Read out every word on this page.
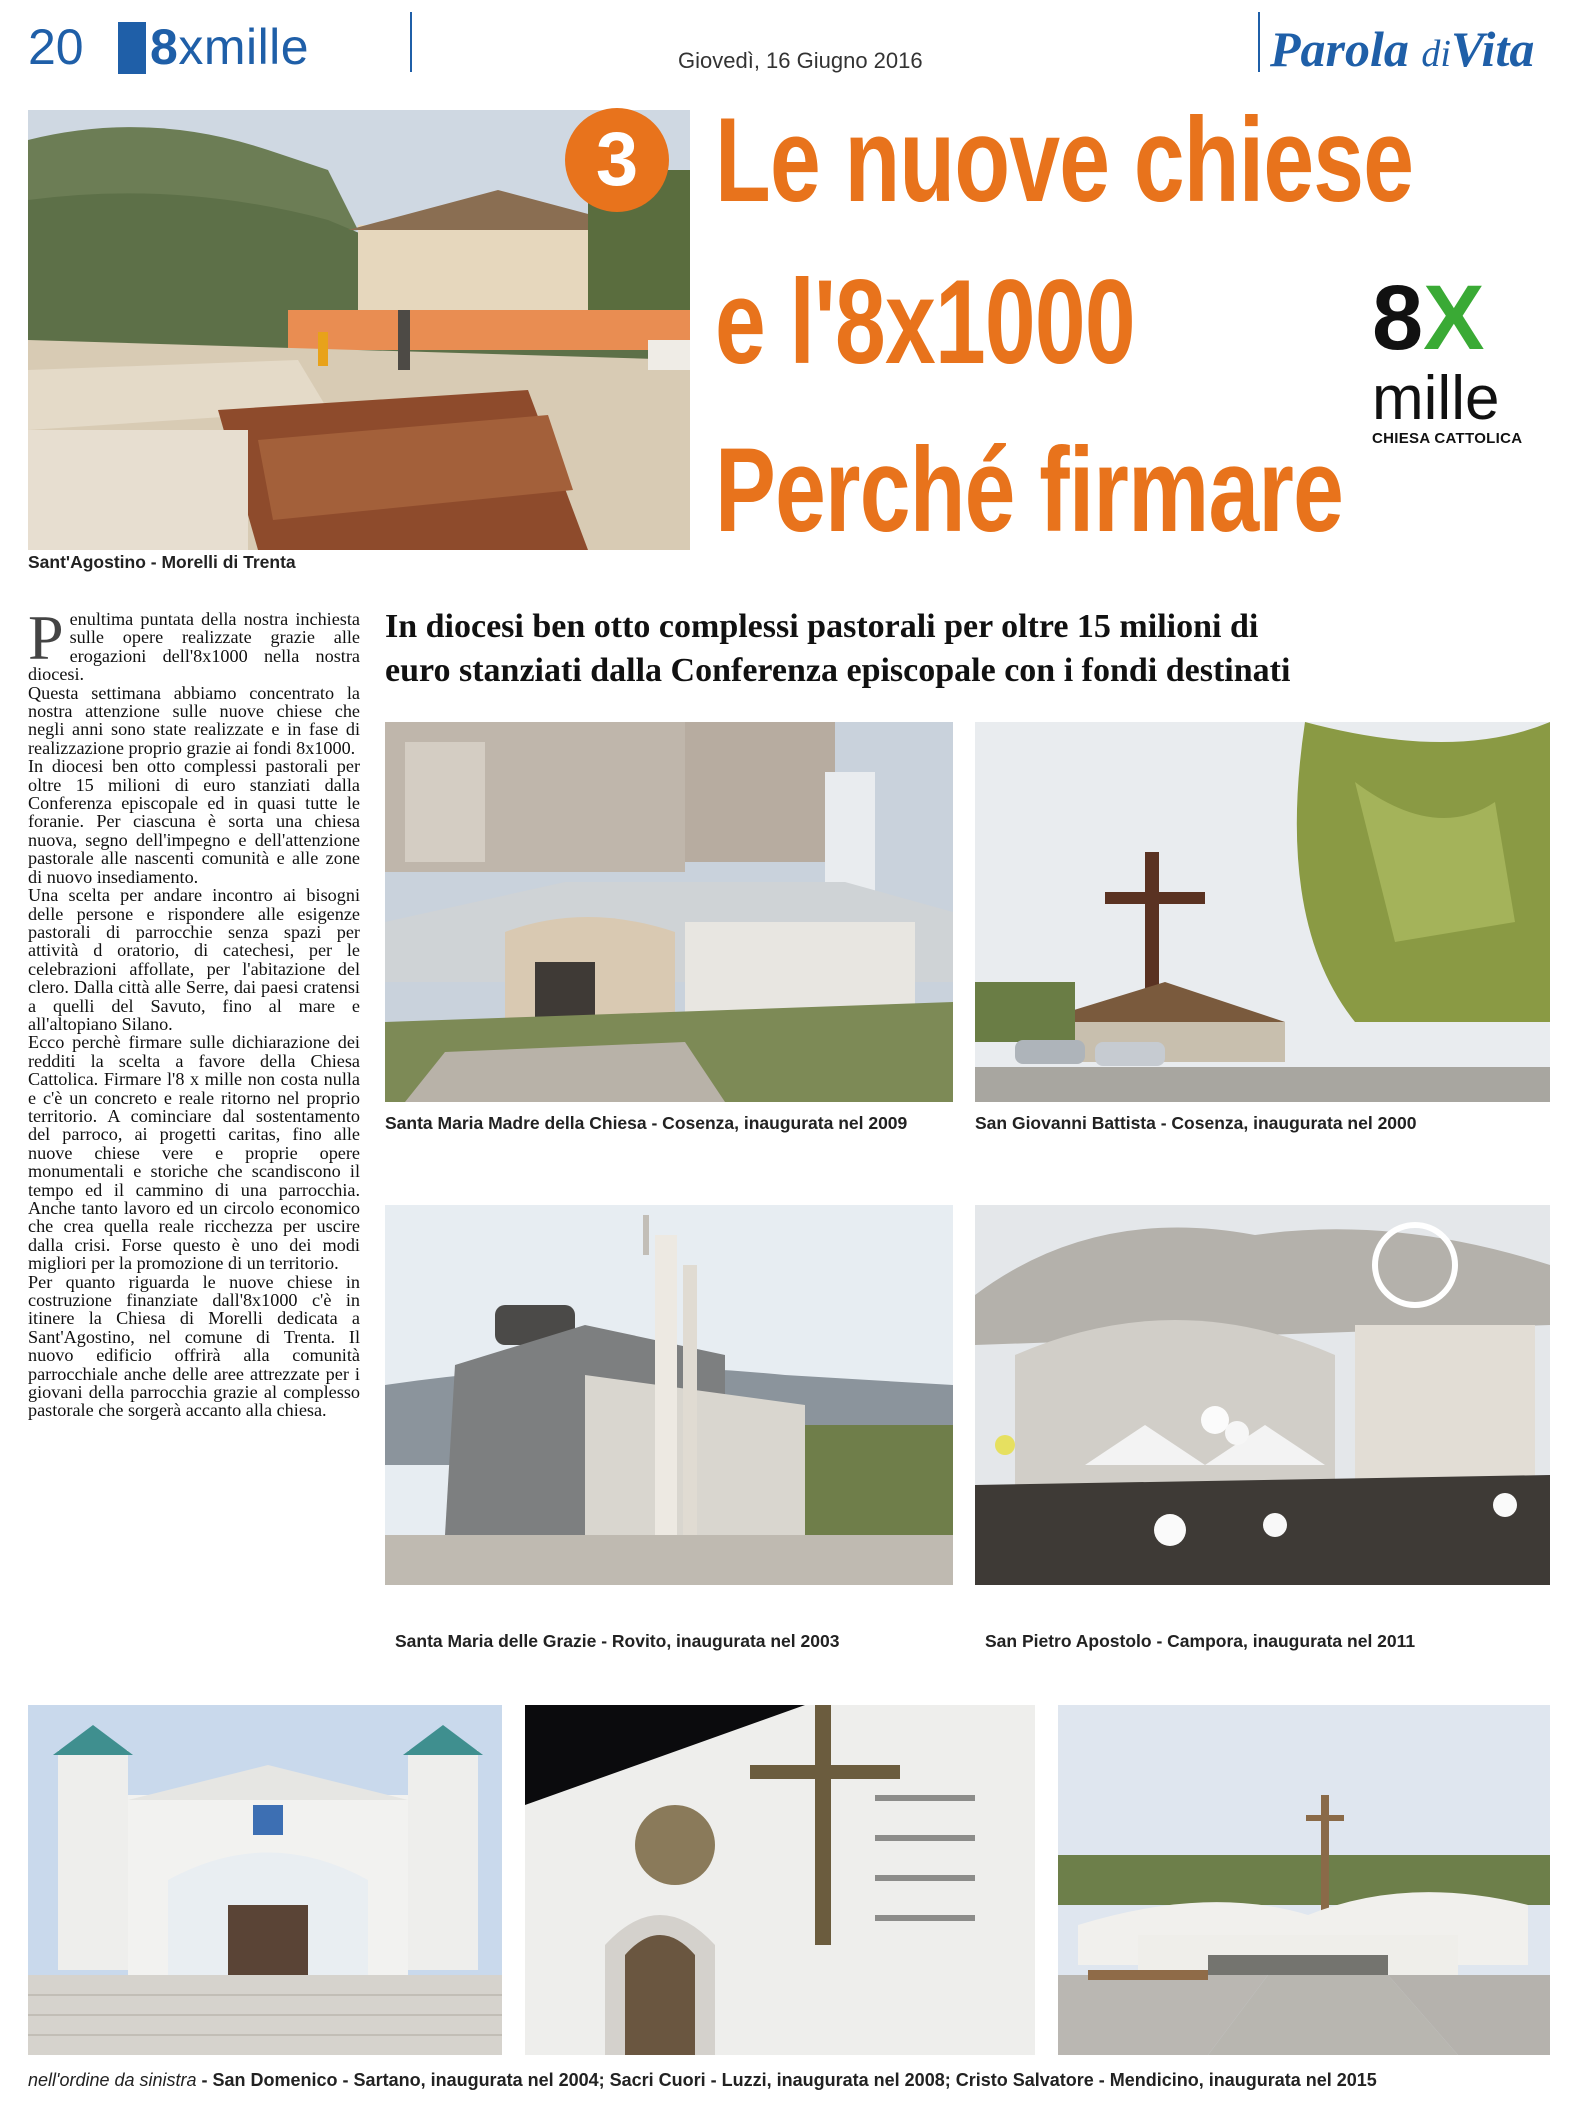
20 8xmille	Giovedì, 16 Giugno 2016	Parola diVita
Sant'Agostino - Morelli di Trenta
3 Le nuove chiese
e l'8x1000
Perché firmare
8X
mille
CHIESA CATTOLICA
In diocesi ben otto complessi pastorali per oltre 15 milioni di
euro stanziati dalla Conferenza episcopale con i fondi destinati

Penultima puntata della nostra inchiesta sulle opere realizzate grazie alle erogazioni dell'8x1000 nella nostra diocesi.

Questa settimana abbiamo concentrato la nostra attenzione sulle nuove chiese che negli anni sono state realizzate e in fase di realizzazione proprio grazie ai fondi 8x1000.

In diocesi ben otto complessi pastorali per oltre 15 milioni di euro stanziati dalla Conferenza episcopale ed in quasi tutte le foranie. Per ciascuna è sorta una chiesa nuova, segno dell'impegno e dell'attenzione pastorale alle nascenti comunità e alle zone di nuovo insediamento.

Una scelta per andare incontro ai bisogni delle persone e rispondere alle esigenze pastorali di parrocchie senza spazi per attività d oratorio, di catechesi, per le celebrazioni affollate, per l'abitazione del clero. Dalla città alle Serre, dai paesi cratensi a quelli del Savuto, fino al mare e all'altopiano Silano.

Ecco perchè firmare sulle dichiarazione dei redditi la scelta a favore della Chiesa Cattolica. Firmare l'8 x mille non costa nulla e c'è un concreto e reale ritorno nel proprio territorio. A cominciare dal sostentamento del parroco, ai progetti caritas, fino alle nuove chiese vere e proprie opere monumentali e storiche che scandiscono il tempo ed il cammino di una parrocchia. Anche tanto lavoro ed un circolo economico che crea quella reale ricchezza per uscire dalla crisi. Forse questo è uno dei modi migliori per la promozione di un territorio.

Per quanto riguarda le nuove chiese in costruzione finanziate dall'8x1000 c'è in itinere la Chiesa di Morelli dedicata a Sant'Agostino, nel comune di Trenta. Il nuovo edificio offrirà alla comunità parrocchiale anche delle aree attrezzate per i giovani della parrocchia grazie al complesso pastorale che sorgerà accanto alla chiesa.

Santa Maria Madre della Chiesa - Cosenza, inaugurata nel 2009	San Giovanni Battista - Cosenza, inaugurata nel 2000
Santa Maria delle Grazie - Rovito, inaugurata nel 2003	San Pietro Apostolo - Campora, inaugurata nel 2011
nell'ordine da sinistra - San Domenico - Sartano, inaugurata nel 2004; Sacri Cuori - Luzzi, inaugurata nel 2008; Cristo Salvatore - Mendicino, inaugurata nel 2015
